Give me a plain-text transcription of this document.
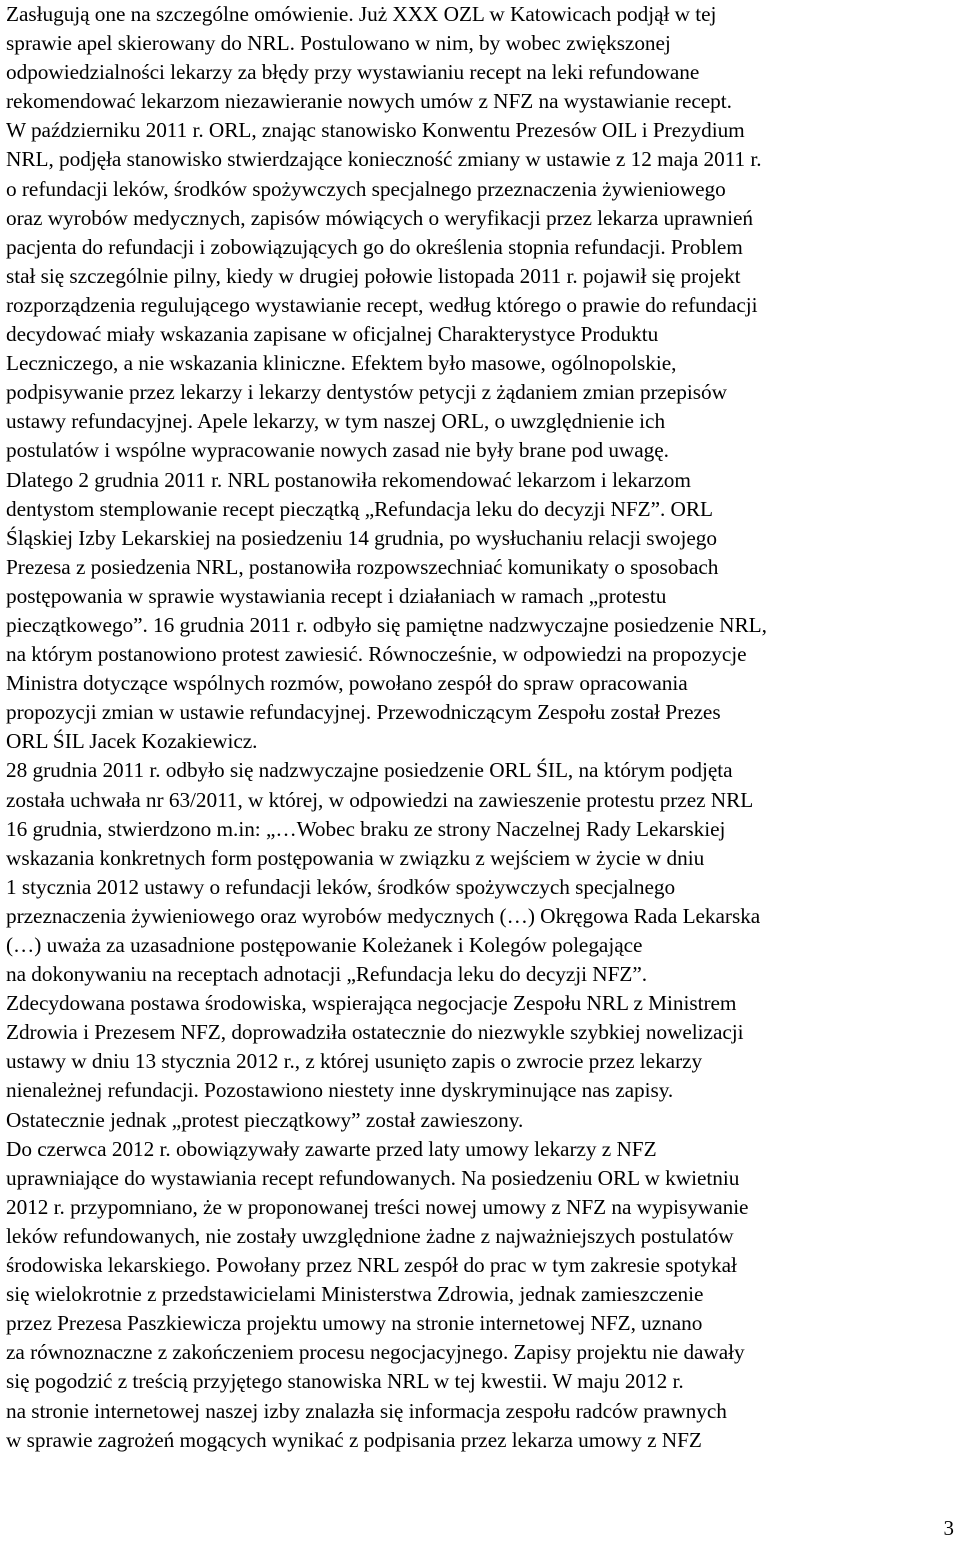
Zasługują one na szczególne omówienie. Już XXX OZL w Katowicach podjął w tej
sprawie apel skierowany do NRL. Postulowano w nim, by wobec zwiększonej
odpowiedzialności lekarzy za błędy przy wystawianiu recept na leki refundowane
rekomendować lekarzom niezawieranie nowych umów z NFZ na wystawianie recept.
W październiku 2011 r. ORL, znając stanowisko Konwentu Prezesów OIL i Prezydium
NRL, podjęła stanowisko stwierdzające konieczność zmiany w ustawie z 12 maja 2011 r.
o refundacji leków, środków spożywczych specjalnego przeznaczenia żywieniowego
oraz wyrobów medycznych, zapisów mówiących o weryfikacji przez lekarza uprawnień
pacjenta do refundacji i zobowiązujących go do określenia stopnia refundacji. Problem
stał się szczególnie pilny, kiedy w drugiej połowie listopada 2011 r. pojawił się projekt
rozporządzenia regulującego wystawianie recept, według którego o prawie do refundacji
decydować miały wskazania zapisane w oficjalnej Charakterystyce Produktu
Leczniczego, a nie wskazania kliniczne. Efektem było masowe, ogólnopolskie,
podpisywanie przez lekarzy i lekarzy dentystów petycji z żądaniem zmian przepisów
ustawy refundacyjnej. Apele lekarzy, w tym naszej ORL, o uwzględnienie ich
postulatów i wspólne wypracowanie nowych zasad nie były brane pod uwagę.
Dlatego 2 grudnia 2011 r. NRL postanowiła rekomendować lekarzom i lekarzom
dentystom stemplowanie recept pieczątką „Refundacja leku do decyzji NFZ”. ORL
Śląskiej Izby Lekarskiej na posiedzeniu 14 grudnia, po wysłuchaniu relacji swojego
Prezesa z posiedzenia NRL, postanowiła rozpowszechniać komunikaty o sposobach
postępowania w sprawie wystawiania recept i działaniach w ramach „protestu
pieczątkowego”. 16 grudnia 2011 r. odbyło się pamiętne nadzwyczajne posiedzenie NRL,
na którym postanowiono protest zawiesić. Równocześnie, w odpowiedzi na propozycje
Ministra dotyczące wspólnych rozmów, powołano zespół do spraw opracowania
propozycji zmian w ustawie refundacyjnej. Przewodniczącym Zespołu został Prezes
ORL ŚIL Jacek Kozakiewicz.
28 grudnia 2011 r. odbyło się nadzwyczajne posiedzenie ORL ŚIL, na którym podjęta
została uchwała nr 63/2011, w której, w odpowiedzi na zawieszenie protestu przez NRL
16 grudnia, stwierdzono m.in: „…Wobec braku ze strony Naczelnej Rady Lekarskiej
wskazania konkretnych form postępowania w związku z wejściem w życie w dniu
1 stycznia 2012 ustawy o refundacji leków, środków spożywczych specjalnego
przeznaczenia żywieniowego oraz wyrobów medycznych (…) Okręgowa Rada Lekarska
(…) uważa za uzasadnione postępowanie Koleżanek i Kolegów polegające
na dokonywaniu na receptach adnotacji „Refundacja leku do decyzji NFZ”.
Zdecydowana postawa środowiska, wspierająca negocjacje Zespołu NRL z Ministrem
Zdrowia i Prezesem NFZ, doprowadziła ostatecznie do niezwykle szybkiej nowelizacji
ustawy w dniu 13 stycznia 2012 r., z której usunięto zapis o zwrocie przez lekarzy
nienależnej refundacji. Pozostawiono niestety inne dyskryminujące nas zapisy.
Ostatecznie jednak „protest pieczątkowy” został zawieszony.
Do czerwca 2012 r. obowiązywały zawarte przed laty umowy lekarzy z NFZ
uprawniające do wystawiania recept refundowanych. Na posiedzeniu ORL w kwietniu
2012 r. przypomniano, że w proponowanej treści nowej umowy z NFZ na wypisywanie
leków refundowanych, nie zostały uwzględnione żadne z najważniejszych postulatów
środowiska lekarskiego. Powołany przez NRL zespół do prac w tym zakresie spotykał
się wielokrotnie z przedstawicielami Ministerstwa Zdrowia, jednak zamieszczenie
przez Prezesa Paszkiewicza projektu umowy na stronie internetowej NFZ, uznano
za równoznaczne z zakończeniem procesu negocjacyjnego. Zapisy projektu nie dawały
się pogodzić z treścią przyjętego stanowiska NRL w tej kwestii. W maju 2012 r.
na stronie internetowej naszej izby znalazła się informacja zespołu radców prawnych
w sprawie zagrożeń mogących wynikać z podpisania przez lekarza umowy z NFZ
3
